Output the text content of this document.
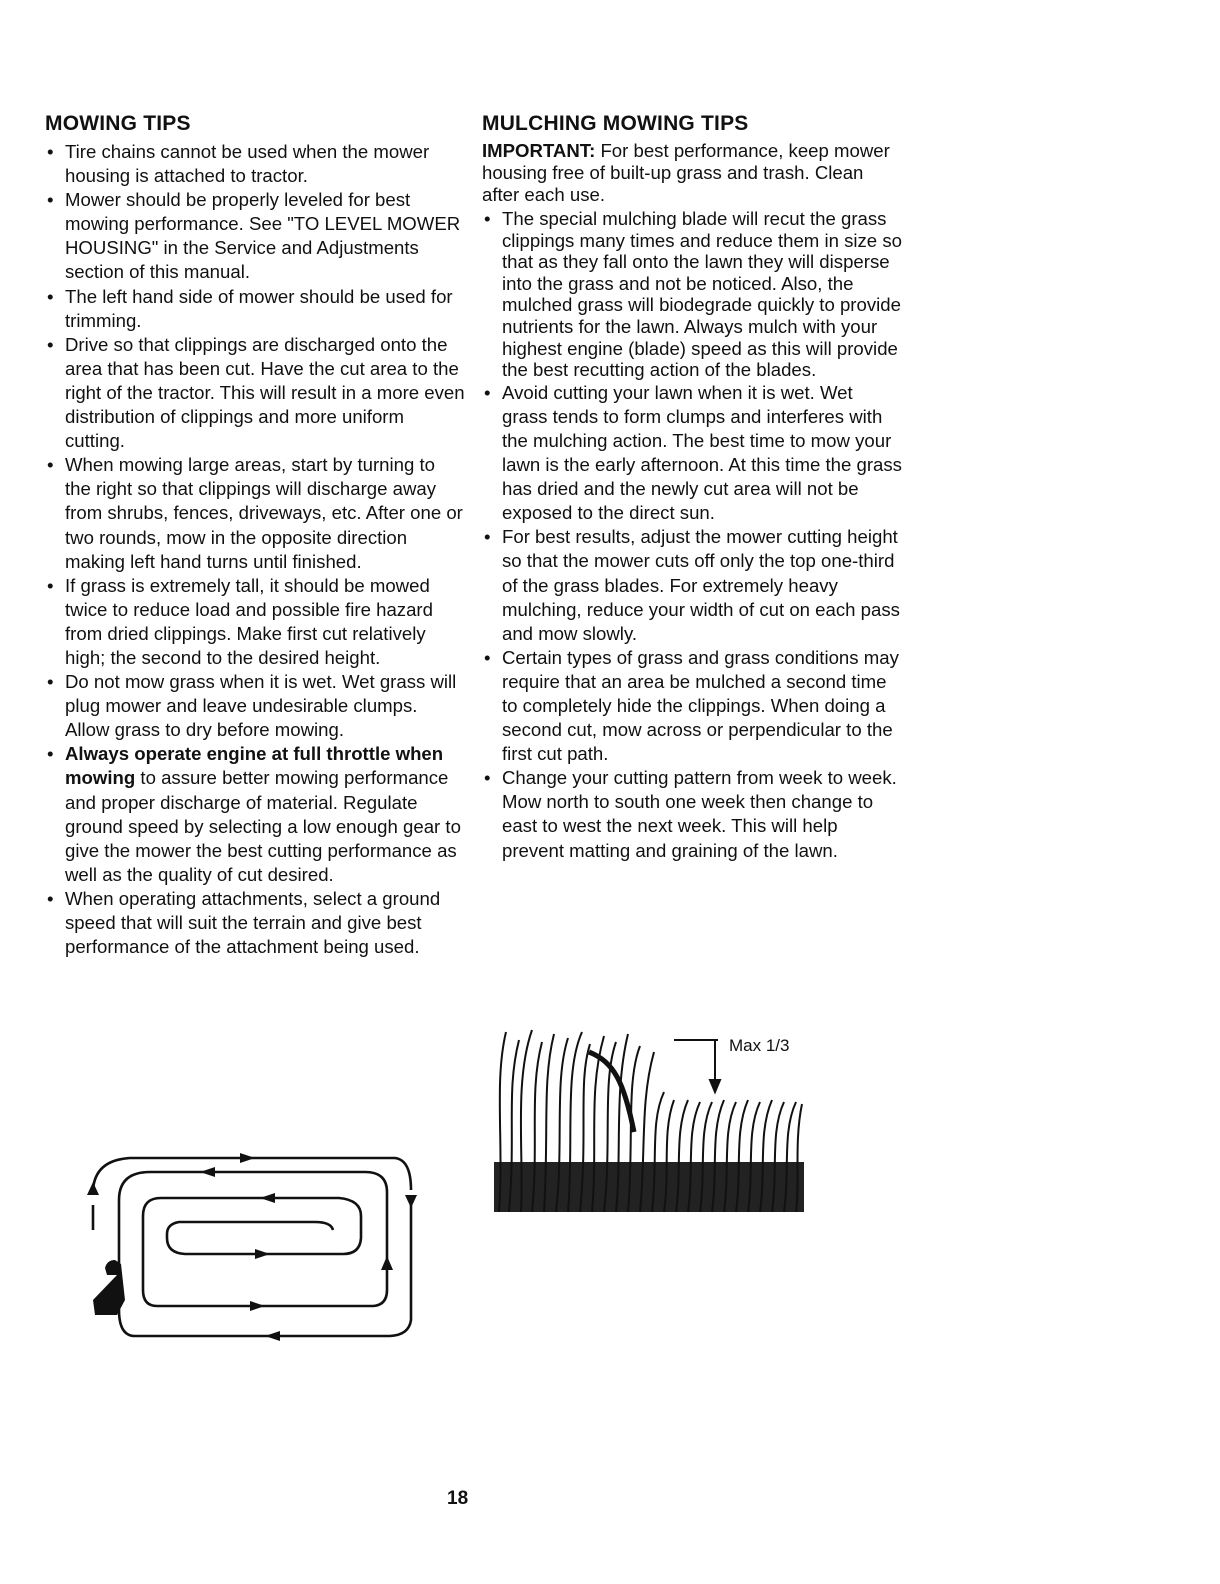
MOWING TIPS
• Tire chains cannot be used when the mower housing is attached to tractor.
• Mower should be properly leveled for best mowing performance. See "TO LEVEL MOWER HOUSING" in the Service and Adjustments section of this manual.
• The left hand side of mower should be used for trimming.
• Drive so that clippings are discharged onto the area that has been cut. Have the cut area to the right of the tractor. This will result in a more even distribution of clippings and more uniform cutting.
• When mowing large areas, start by turning to the right so that clippings will discharge away from shrubs, fences, driveways, etc. After one or two rounds, mow in the opposite direction making left hand turns until finished.
• If grass is extremely tall, it should be mowed twice to reduce load and possible fire hazard from dried clippings. Make first cut relatively high; the second to the desired height.
• Do not mow grass when it is wet. Wet grass will plug mower and leave undesirable clumps. Allow grass to dry before mowing.
• Always operate engine at full throttle when mowing to assure better mowing performance and proper discharge of material. Regulate ground speed by selecting a low enough gear to give the mower the best cutting performance as well as the quality of cut desired.
• When operating attachments, select a ground speed that will suit the terrain and give best performance of the attachment being used.
MULCHING MOWING TIPS

IMPORTANT: For best performance, keep mower housing free of built-up grass and trash. Clean after each use.

• The special mulching blade will recut the grass clippings many times and reduce them in size so that as they fall onto the lawn they will disperse into the grass and not be noticed. Also, the mulched grass will biodegrade quickly to provide nutrients for the lawn. Always mulch with your highest engine (blade) speed as this will provide the best recutting action of the blades.
• Avoid cutting your lawn when it is wet. Wet grass tends to form clumps and interferes with the mulching action. The best time to mow your lawn is the early afternoon. At this time the grass has dried and the newly cut area will not be exposed to the direct sun.
• For best results, adjust the mower cutting height so that the mower cuts off only the top one-third of the grass blades. For extremely heavy mulching, reduce your width of cut on each pass and mow slowly.
• Certain types of grass and grass conditions may require that an area be mulched a second time to completely hide the clippings. When doing a second cut, mow across or perpendicular to the first cut path.
• Change your cutting pattern from week to week. Mow north to south one week then change to east to west the next week. This will help prevent matting and graining of the lawn.
Max 1/3
18
